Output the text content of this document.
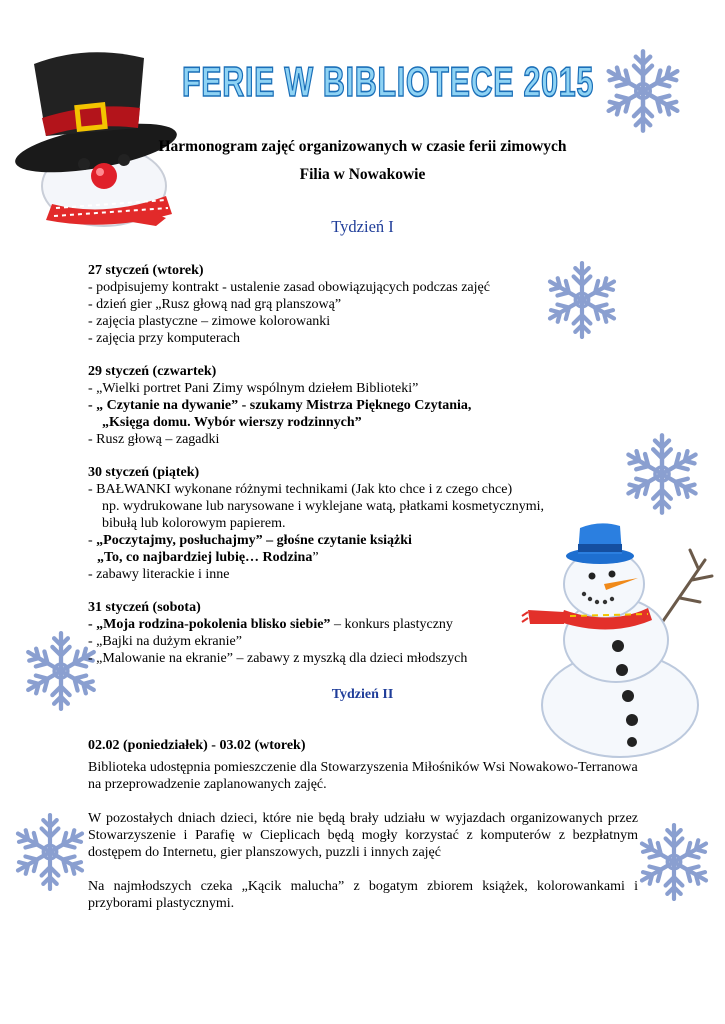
FERIE W BIBLIOTECE 2015
Harmonogram zajęć organizowanych w czasie ferii zimowych
Filia w Nowakowie
Tydzień I
27 styczeń (wtorek)
- podpisujemy kontrakt - ustalenie zasad obowiązujących podczas zajęć
- dzień gier „Rusz głową nad grą planszową”
- zajęcia plastyczne – zimowe kolorowanki
- zajęcia przy komputerach
29 styczeń (czwartek)
- „Wielki portret Pani Zimy wspólnym dziełem Biblioteki”
- „ Czytanie na dywanie” - szukamy Mistrza Pięknego Czytania,
„Księga domu. Wybór wierszy rodzinnych”
- Rusz głową – zagadki
30 styczeń (piątek)
- BAŁWANKI wykonane różnymi technikami (Jak kto chce i z czego chce)
np. wydrukowane lub narysowane i wyklejane watą, płatkami kosmetycznymi,
bibułą lub kolorowym papierem.
- „Poczytajmy, posłuchajmy” – głośne czytanie książki
„To, co najbardziej lubię… Rodzina”
- zabawy literackie i inne
31 styczeń (sobota)
- „Moja rodzina-pokolenia blisko siebie” – konkurs plastyczny
- „Bajki na dużym ekranie”
- „Malowanie na ekranie” – zabawy z myszką dla dzieci młodszych
Tydzień II
02.02 (poniedziałek) - 03.02 (wtorek)
Biblioteka udostępnia pomieszczenie dla Stowarzyszenia Miłośników Wsi Nowakowo-Terranowa na przeprowadzenie zaplanowanych zajęć.
W pozostałych dniach dzieci, które nie będą brały udziału w wyjazdach organizowanych przez Stowarzyszenie i Parafię w Cieplicach będą mogły korzystać z komputerów z bezpłatnym dostępem do Internetu, gier planszowych, puzzli i innych zajęć
Na najmłodszych czeka „Kącik malucha” z bogatym zbiorem książek, kolorowankami i przyborami plastycznymi.
